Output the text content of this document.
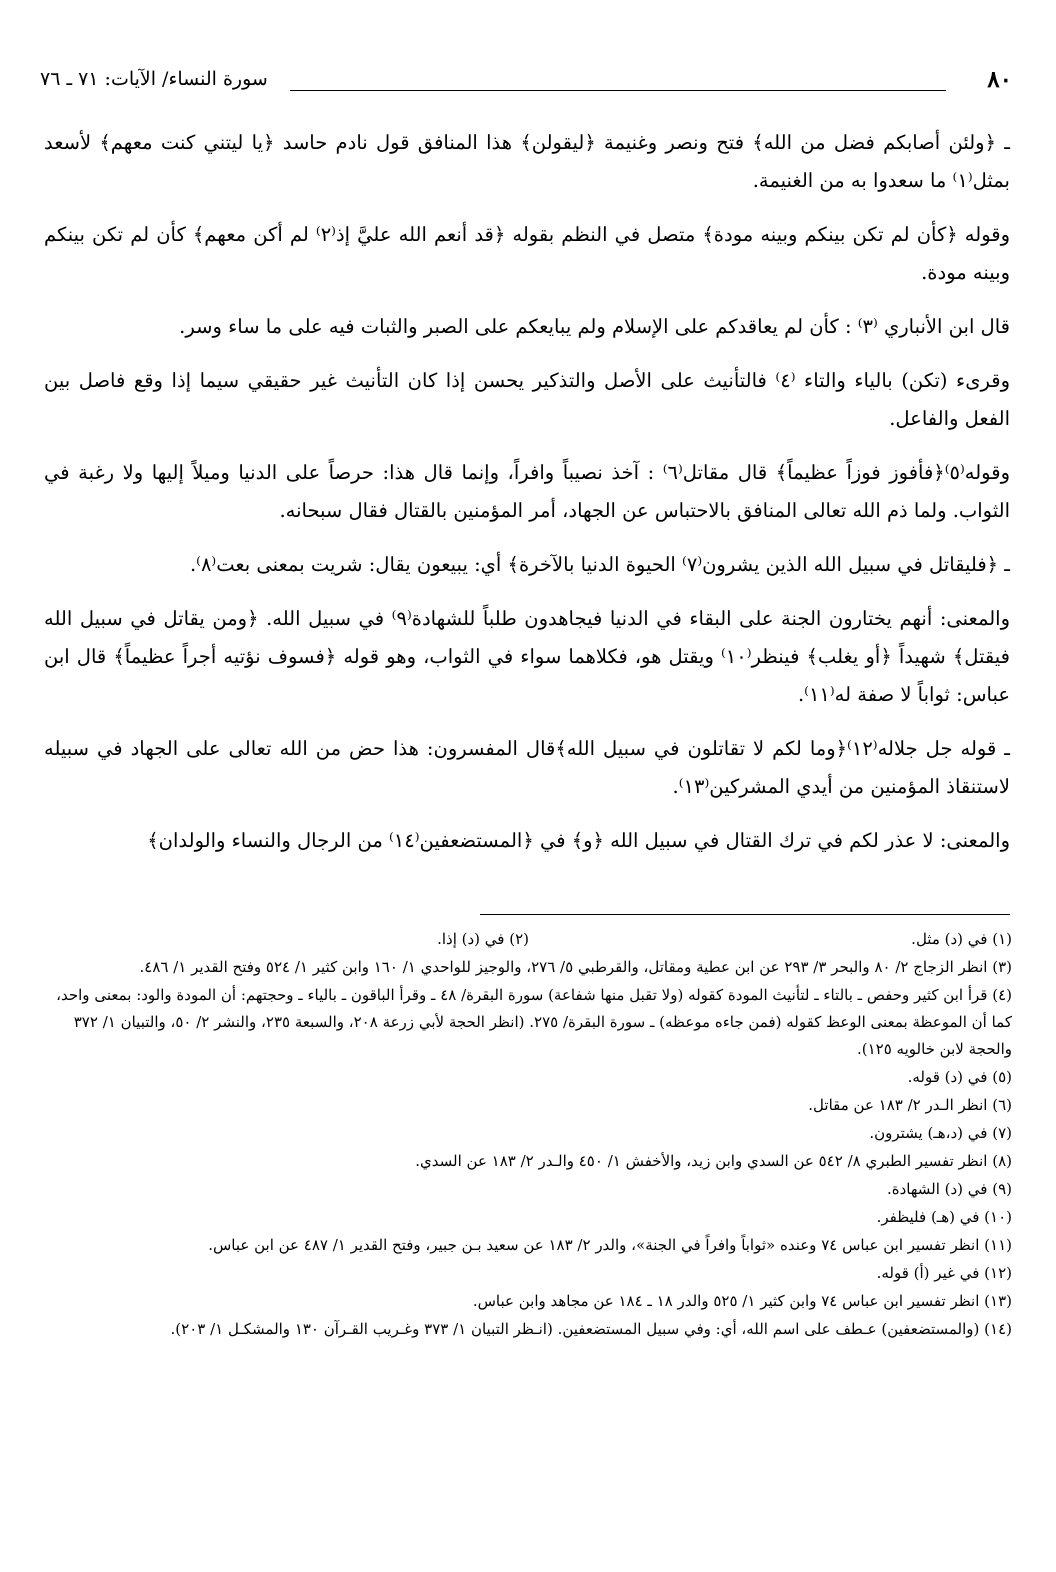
٨٠
سورة النساء/ الآيات: ٧١ ـ ٧٦

ـ ﴿ولئن أصابكم فضل من الله﴾ فتح ونصر وغنيمة ﴿ليقولن﴾ هذا المنافق قول نادم حاسد ﴿يا ليتني كنت معهم﴾ لأسعد بمثل⁽١⁾ ما سعدوا به من الغنيمة.

وقوله ﴿كأن لم تكن بينكم وبينه مودة﴾ متصل في النظم بقوله ﴿قد أنعم الله عليَّ إذ⁽٢⁾ لم أكن معهم﴾ كأن لم تكن بينكم وبينه مودة.

قال ابن الأنباري ⁽٣⁾ : كأن لم يعاقدكم على الإسلام ولم يبايعكم على الصبر والثبات فيه على ما ساء وسر.

وقرىء (تكن) بالياء والتاء ⁽٤⁾ فالتأنيث على الأصل والتذكير يحسن إذا كان التأنيث غير حقيقي سيما إذا وقع فاصل بين الفعل والفاعل.

وقوله⁽٥⁾﴿فأفوز فوزاً عظيماً﴾ قال مقاتل⁽٦⁾ : آخذ نصيباً وافراً، وإنما قال هذا: حرصاً على الدنيا وميلاً إليها ولا رغبة في الثواب. ولما ذم الله تعالى المنافق بالاحتباس عن الجهاد، أمر المؤمنين بالقتال فقال سبحانه.

ـ ﴿فليقاتل في سبيل الله الذين يشرون⁽٧⁾ الحيوة الدنيا بالآخرة﴾ أي: يبيعون يقال: شريت بمعنى بعت⁽٨⁾.

والمعنى: أنهم يختارون الجنة على البقاء في الدنيا فيجاهدون طلباً للشهادة⁽٩⁾ في سبيل الله. ﴿ومن يقاتل في سبيل الله فيقتل﴾ شهيداً ﴿أو يغلب﴾ فينظر⁽١٠⁾ ويقتل هو، فكلاهما سواء في الثواب، وهو قوله ﴿فسوف نؤتيه أجراً عظيماً﴾ قال ابن عباس: ثواباً لا صفة له⁽١١⁾.

ـ قوله جل جلاله⁽١٢⁾﴿وما لكم لا تقاتلون في سبيل الله﴾قال المفسرون: هذا حض من الله تعالى على الجهاد في سبيله لاستنقاذ المؤمنين من أيدي المشركين⁽١٣⁾.

والمعنى: لا عذر لكم في ترك القتال في سبيل الله ﴿و﴾ في ﴿المستضعفين⁽١٤⁾ من الرجال والنساء والولدان﴾

(١) في (د) مثل.
(٢) في (د) إذا.
(٣) انظر الزجاج ٢/ ٨٠ والبحر ٣/ ٢٩٣ عن ابن عطية ومقاتل، والقرطبي ٥/ ٢٧٦، والوجيز للواحدي ١/ ١٦٠ وابن كثير ١/ ٥٢٤ وفتح القدير ١/ ٤٨٦.
(٤) قرأ ابن كثير وحفص ـ بالتاء ـ لتأنيث المودة كقوله (ولا تقبل منها شفاعة) سورة البقرة/ ٤٨ ـ وقرأ الباقون ـ بالياء ـ وحجتهم: أن المودة والود: بمعنى واحد، كما أن الموعظة بمعنى الوعظ كقوله (فمن جاءه موعظه) ـ سورة البقرة/ ٢٧٥. (انظر الحجة لأبي زرعة ٢٠٨، والسبعة ٢٣٥، والنشر ٢/ ٥٠، والتبيان ١/ ٣٧٢ والحجة لابن خالويه ١٢٥).
(٥) في (د) قوله.
(٦) انظر الـدر ٢/ ١٨٣ عن مقاتل.
(٧) في (د،هـ) يشترون.
(٨) انظر تفسير الطبري ٨/ ٥٤٢ عن السدي وابن زيد، والأخفش ١/ ٤٥٠ والـدر ٢/ ١٨٣ عن السدي.
(٩) في (د) الشهادة.
(١٠) في (هـ) فليظفر.
(١١) انظر تفسير ابن عباس ٧٤ وعنده «ثواباً وافراً في الجنة»، والدر ٢/ ١٨٣ عن سعيد بـن جبير، وفتح القدير ١/ ٤٨٧ عن ابن عباس.
(١٢) في غير (أ) قوله.
(١٣) انظر تفسير ابن عباس ٧٤ وابن كثير ١/ ٥٢٥ والدر ١٨ ـ ١٨٤ عن مجاهد وابن عباس.
(١٤) (والمستضعفين) عـطف على اسم الله، أي: وفي سبيل المستضعفين. (انـظر التبيان ١/ ٣٧٣ وغـريب القـرآن ١٣٠ والمشكـل ١/ ٢٠٣).
